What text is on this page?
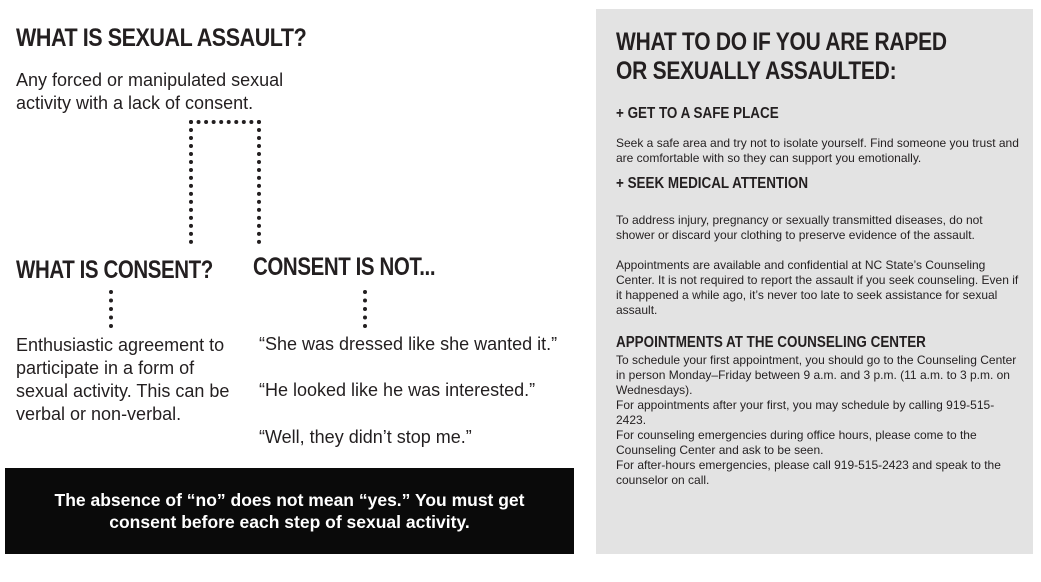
WHAT IS SEXUAL ASSAULT?
Any forced or manipulated sexual activity with a lack of consent.
WHAT IS CONSENT? CONSENT IS NOT...
Enthusiastic agreement to participate in a form of sexual activity. This can be verbal or non-verbal.
“She was dressed like she wanted it.”
“He looked like he was interested.”
“Well, they didn’t stop me.”
The absence of “no” does not mean “yes.” You must get consent before each step of sexual activity.
WHAT TO DO IF YOU ARE RAPED
OR SEXUALLY ASSAULTED:
+ GET TO A SAFE PLACE
Seek a safe area and try not to isolate yourself. Find someone you trust and are comfortable with so they can support you emotionally.
+ SEEK MEDICAL ATTENTION
To address injury, pregnancy or sexually transmitted diseases, do not shower or discard your clothing to preserve evidence of the assault.
Appointments are available and confidential at NC State’s Counseling Center. It is not required to report the assault if you seek counseling. Even if it happened a while ago, it’s never too late to seek assistance for sexual assault.
APPOINTMENTS AT THE COUNSELING CENTER

To schedule your first appointment, you should go to the Counseling Center in person Monday–Friday between 9 a.m. and 3 p.m. (11 a.m. to 3 p.m. on Wednesdays).

For appointments after your first, you may schedule by calling 919-515-2423.

For counseling emergencies during office hours, please come to the Counseling Center and ask to be seen.

For after-hours emergencies, please call 919-515-2423 and speak to the counselor on call.
